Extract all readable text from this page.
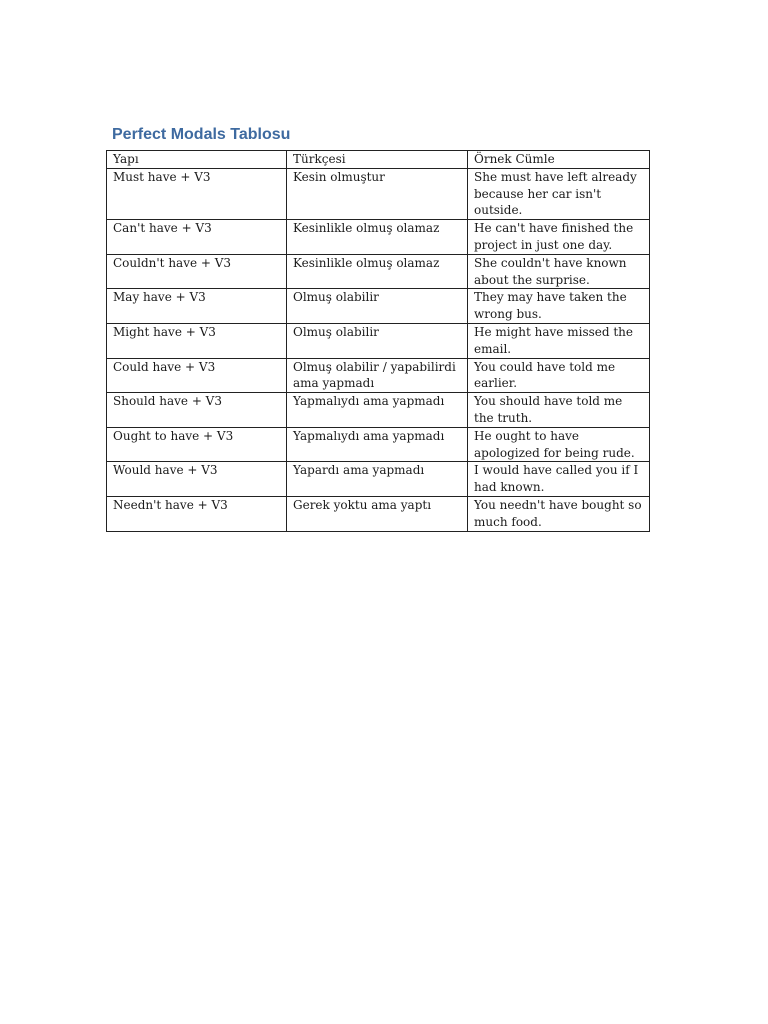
Perfect Modals Tablosu
Yapı	Türkçesi	Örnek Cümle
Must have + V3	Kesin olmuştur	She must have left already because her car isn't outside.
Can't have + V3	Kesinlikle olmuş olamaz	He can't have finished the project in just one day.
Couldn't have + V3	Kesinlikle olmuş olamaz	She couldn't have known about the surprise.
May have + V3	Olmuş olabilir	They may have taken the wrong bus.
Might have + V3	Olmuş olabilir	He might have missed the email.
Could have + V3	Olmuş olabilir / yapabilirdi ama yapmadı	You could have told me earlier.
Should have + V3	Yapmalıydı ama yapmadı	You should have told me the truth.
Ought to have + V3	Yapmalıydı ama yapmadı	He ought to have apologized for being rude.
Would have + V3	Yapardı ama yapmadı	I would have called you if I had known.
Needn't have + V3	Gerek yoktu ama yaptı	You needn't have bought so much food.
